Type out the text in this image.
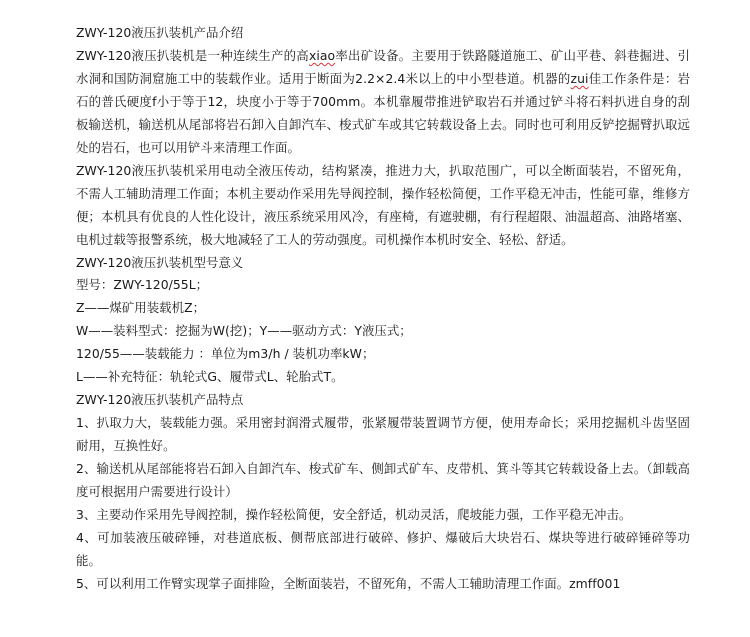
ZWY-120液压扒装机产品介绍

ZWY-120液压扒装机是一种连续生产的高xiao率出矿设备。主要用于铁路隧道施工、矿山平巷、斜巷掘进、引水洞和国防洞窟施工中的装载作业。适用于断面为2.2×2.4米以上的中小型巷道。机器的zui佳工作条件是：岩石的普氏硬度f小于等于12，块度小于等于700mm。本机靠履带推进铲取岩石并通过铲斗将石料扒进自身的刮板输送机，输送机从尾部将岩石卸入自卸汽车、梭式矿车或其它转载设备上去。同时也可利用反铲挖掘臂扒取远处的岩石，也可以用铲斗来清理工作面。

ZWY-120液压扒装机采用电动全液压传动，结构紧凑，推进力大，扒取范围广，可以全断面装岩，不留死角，不需人工辅助清理工作面；本机主要动作采用先导阀控制，操作轻松简便，工作平稳无冲击，性能可靠，维修方便；本机具有优良的人性化设计，液压系统采用风冷，有座椅，有遮驶棚，有行程超限、油温超高、油路堵塞、电机过载等报警系统，极大地减轻了工人的劳动强度。司机操作本机时安全、轻松、舒适。

ZWY-120液压扒装机型号意义

型号：ZWY-120/55L；

Z——煤矿用装载机Z；

W——装料型式：挖掘为W(挖)；Y——驱动方式：Y液压式；

120/55——装载能力 ：单位为m3/h / 装机功率kW；

L——补充特征：轨轮式G、履带式L、轮胎式T。

ZWY-120液压扒装机产品特点

1、扒取力大，装载能力强。采用密封润滑式履带，张紧履带装置调节方便，使用寿命长；采用挖掘机斗齿坚固耐用，互换性好。

2、输送机从尾部能将岩石卸入自卸汽车、梭式矿车、侧卸式矿车、皮带机、箕斗等其它转载设备上去。（卸载高度可根据用户需要进行设计）

3、主要动作采用先导阀控制，操作轻松简便，安全舒适，机动灵活，爬坡能力强，工作平稳无冲击。

4、可加装液压破碎锤，对巷道底板、侧帮底部进行破碎、修护、爆破后大块岩石、煤块等进行破碎锤碎等功能。

5、可以利用工作臂实现掌子面排险，全断面装岩，不留死角，不需人工辅助清理工作面。zmff001
